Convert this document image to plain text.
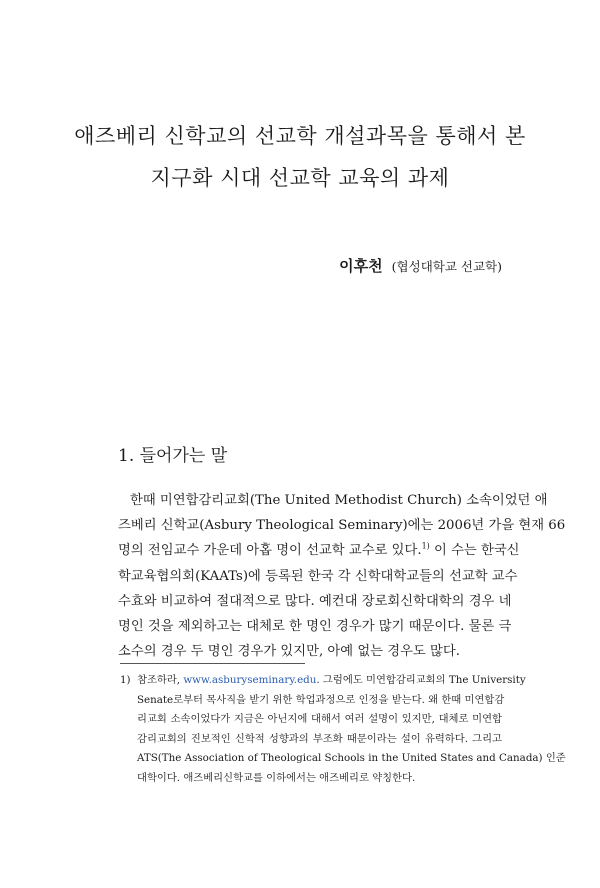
애즈베리 신학교의 선교학 개설과목을 통해서 본
지구화 시대 선교학 교육의 과제
이후천 (협성대학교 선교학)
1. 들어가는 말
한때 미연합감리교회(The United Methodist Church) 소속이었던 애
즈베리 신학교(Asbury Theological Seminary)에는 2006년 가을 현재 66
명의 전임교수 가운데 아홉 명이 선교학 교수로 있다.$^{1)}$ 이 수는 한국신
학교육협의회(KAATs)에 등록된 한국 각 신학대학교들의 선교학 교수
수효와 비교하여 절대적으로 많다. 예컨대 장로회신학대학의 경우 네
명인 것을 제외하고는 대체로 한 명인 경우가 많기 때문이다. 물론 극
소수의 경우 두 명인 경우가 있지만, 아예 없는 경우도 많다.
1) 참조하라, www.asburyseminary.edu. 그럼에도 미연합감리교회의 The University
Senate로부터 목사직을 받기 위한 학업과정으로 인정을 받는다. 왜 한때 미연합감
리교회 소속이었다가 지금은 아닌지에 대해서 여러 설명이 있지만, 대체로 미연합
감리교회의 진보적인 신학적 성향과의 부조화 때문이라는 설이 유력하다. 그리고
ATS(The Association of Theological Schools in the United States and Canada) 인준
대학이다. 애즈베리신학교를 이하에서는 애즈베리로 약칭한다.
